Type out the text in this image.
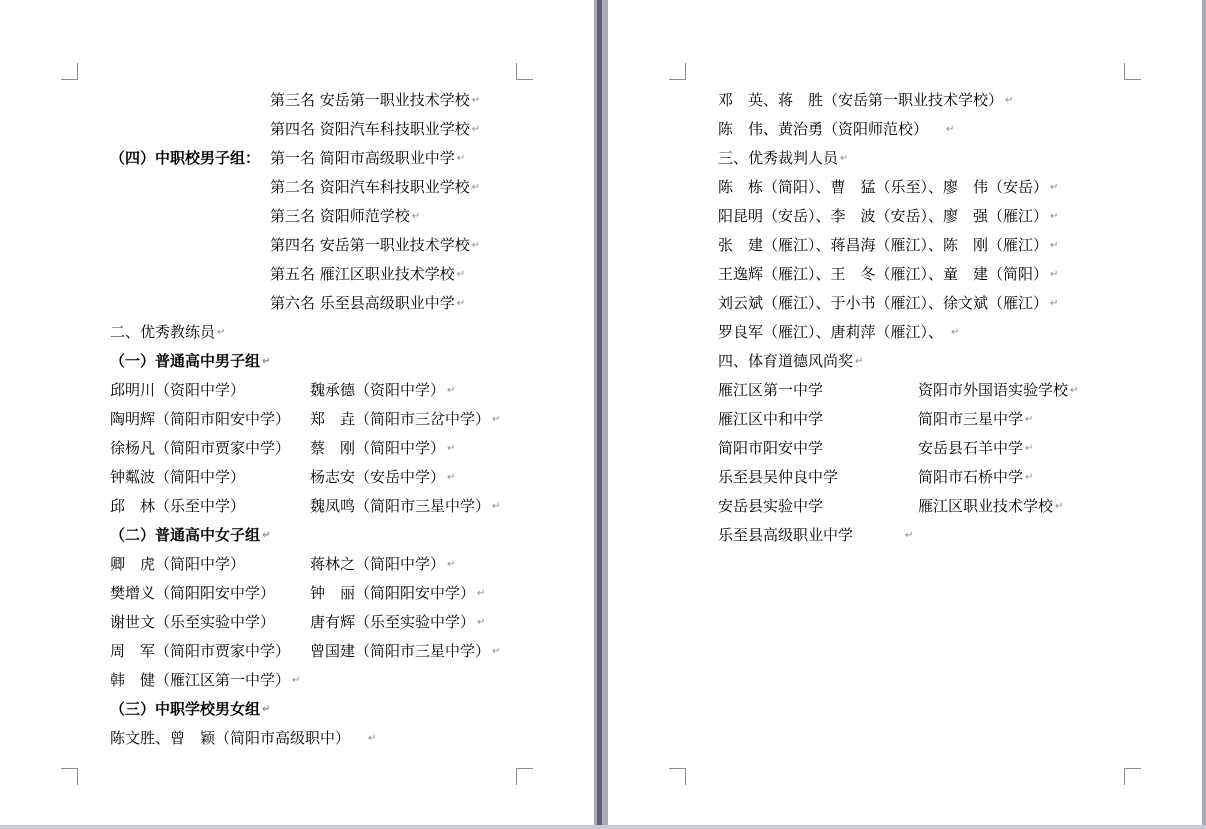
第三名 安岳第一职业技术学校 ↵
第四名 资阳汽车科技职业学校 ↵
（四）中职校男子组： 第一名 简阳市高级职业中学 ↵
第二名 资阳汽车科技职业学校 ↵
第三名 资阳师范学校 ↵
第四名 安岳第一职业技术学校 ↵
第五名 雁江区职业技术学校 ↵
第六名 乐至县高级职业中学 ↵
二、优秀教练员 ↵
（一）普通高中男子组 ↵
邱明川（资阳中学）	魏承德（资阳中学） ↵
陶明辉（简阳市阳安中学） 郑　垚（简阳市三岔中学） ↵
徐杨凡（简阳市贾家中学） 蔡　刚（简阳中学） ↵
钟粼波（简阳中学）	杨志安（安岳中学） ↵
邱　林（乐至中学）	魏凤鸣（简阳市三星中学） ↵
（二）普通高中女子组 ↵
卿　虎（简阳中学）	蒋林之（简阳中学） ↵
樊增义（简阳阳安中学） 钟　丽（简阳阳安中学） ↵
谢世文（乐至实验中学） 唐有辉（乐至实验中学） ↵
周　军（简阳市贾家中学） 曾国建（简阳市三星中学） ↵
韩　健（雁江区第一中学） ↵
（三）中职学校男女组 ↵
陈文胜、曾　颖（简阳市高级职中） ↵
邓　英、蒋　胜（安岳第一职业技术学校） ↵
陈　伟、黄治勇（资阳师范校） ↵
三、优秀裁判人员 ↵
陈　栋（简阳）、曹　猛（乐至）、廖　伟（安岳） ↵
阳昆明（安岳）、李　波（安岳）、廖　强（雁江） ↵
张　建（雁江）、蒋昌海（雁江）、陈　刚（雁江） ↵
王逸辉（雁江）、王　冬（雁江）、童　建（简阳） ↵
刘云斌（雁江）、于小书（雁江）、徐文斌（雁江） ↵
罗良军（雁江）、唐莉萍（雁江）、 ↵
四、体育道德风尚奖 ↵
雁江区第一中学	资阳市外国语实验学校 ↵
雁江区中和中学	简阳市三星中学 ↵
简阳市阳安中学	安岳县石羊中学 ↵
乐至县吴仲良中学	简阳市石桥中学 ↵
安岳县实验中学	雁江区职业技术学校 ↵
乐至县高级职业中学	↵
